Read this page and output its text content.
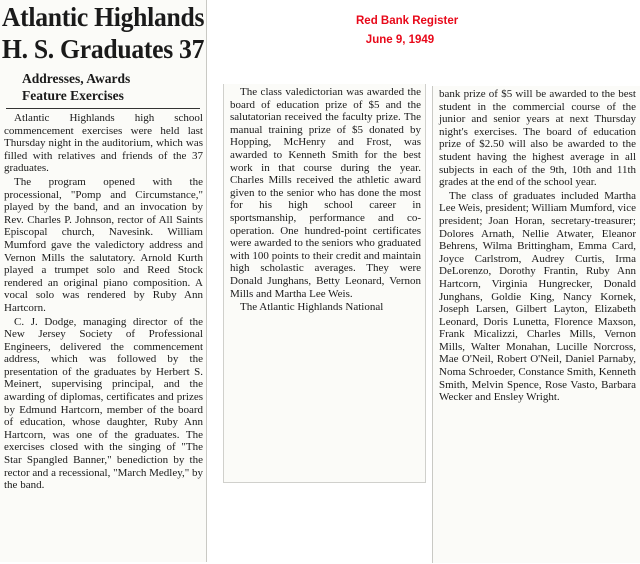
Red Bank Register
June 9, 1949
Atlantic Highlands
H. S. Graduates 37
Addresses, Awards
Feature Exercises

Atlantic Highlands high school commencement exercises were held last Thursday night in the auditorium, which was filled with relatives and friends of the 37 graduates.

The program opened with the processional, "Pomp and Circumstance," played by the band, and an invocation by Rev. Charles P. Johnson, rector of All Saints Episcopal church, Navesink. William Mumford gave the valedictory address and Vernon Mills the salutatory. Arnold Kurth played a trumpet solo and Reed Stock rendered an original piano composition. A vocal solo was rendered by Ruby Ann Hartcorn.

C. J. Dodge, managing director of the New Jersey Society of Professional Engineers, delivered the commencement address, which was followed by the presentation of the graduates by Herbert S. Meinert, supervising principal, and the awarding of diplomas, certificates and prizes by Edmund Hartcorn, member of the board of education, whose daughter, Ruby Ann Hartcorn, was one of the graduates. The exercises closed with the singing of "The Star Spangled Banner," benediction by the rector and a recessional, "March Medley," by the band.

The class valedictorian was awarded the board of education prize of $5 and the salutatorian received the faculty prize. The manual training prize of $5 donated by Hopping, McHenry and Frost, was awarded to Kenneth Smith for the best work in that course during the year. Charles Mills received the athletic award given to the senior who has done the most for his high school career in sportsmanship, performance and co-operation. One hundred-point certificates were awarded to the seniors who graduated with 100 points to their credit and maintain high scholastic averages. They were Donald Junghans, Betty Leonard, Vernon Mills and Martha Lee Weis.

The Atlantic Highlands National

bank prize of $5 will be awarded to the best student in the commercial course of the junior and senior years at next Thursday night's exercises. The board of education prize of $2.50 will also be awarded to the student having the highest average in all subjects in each of the 9th, 10th and 11th grades at the end of the school year.

The class of graduates included Martha Lee Weis, president; William Mumford, vice president; Joan Horan, secretary-treasurer; Dolores Arnath, Nellie Atwater, Eleanor Behrens, Wilma Brittingham, Emma Card, Joyce Carlstrom, Audrey Curtis, Irma DeLorenzo, Dorothy Frantin, Ruby Ann Hartcorn, Virginia Hungrecker, Donald Junghans, Goldie King, Nancy Kornek, Joseph Larsen, Gilbert Layton, Elizabeth Leonard, Doris Lunetta, Florence Maxson, Frank Micalizzi, Charles Mills, Vernon Mills, Walter Monahan, Lucille Norcross, Mae O'Neil, Robert O'Neil, Daniel Parnaby, Noma Schroeder, Constance Smith, Kenneth Smith, Melvin Spence, Rose Vasto, Barbara Wecker and Ensley Wright.
